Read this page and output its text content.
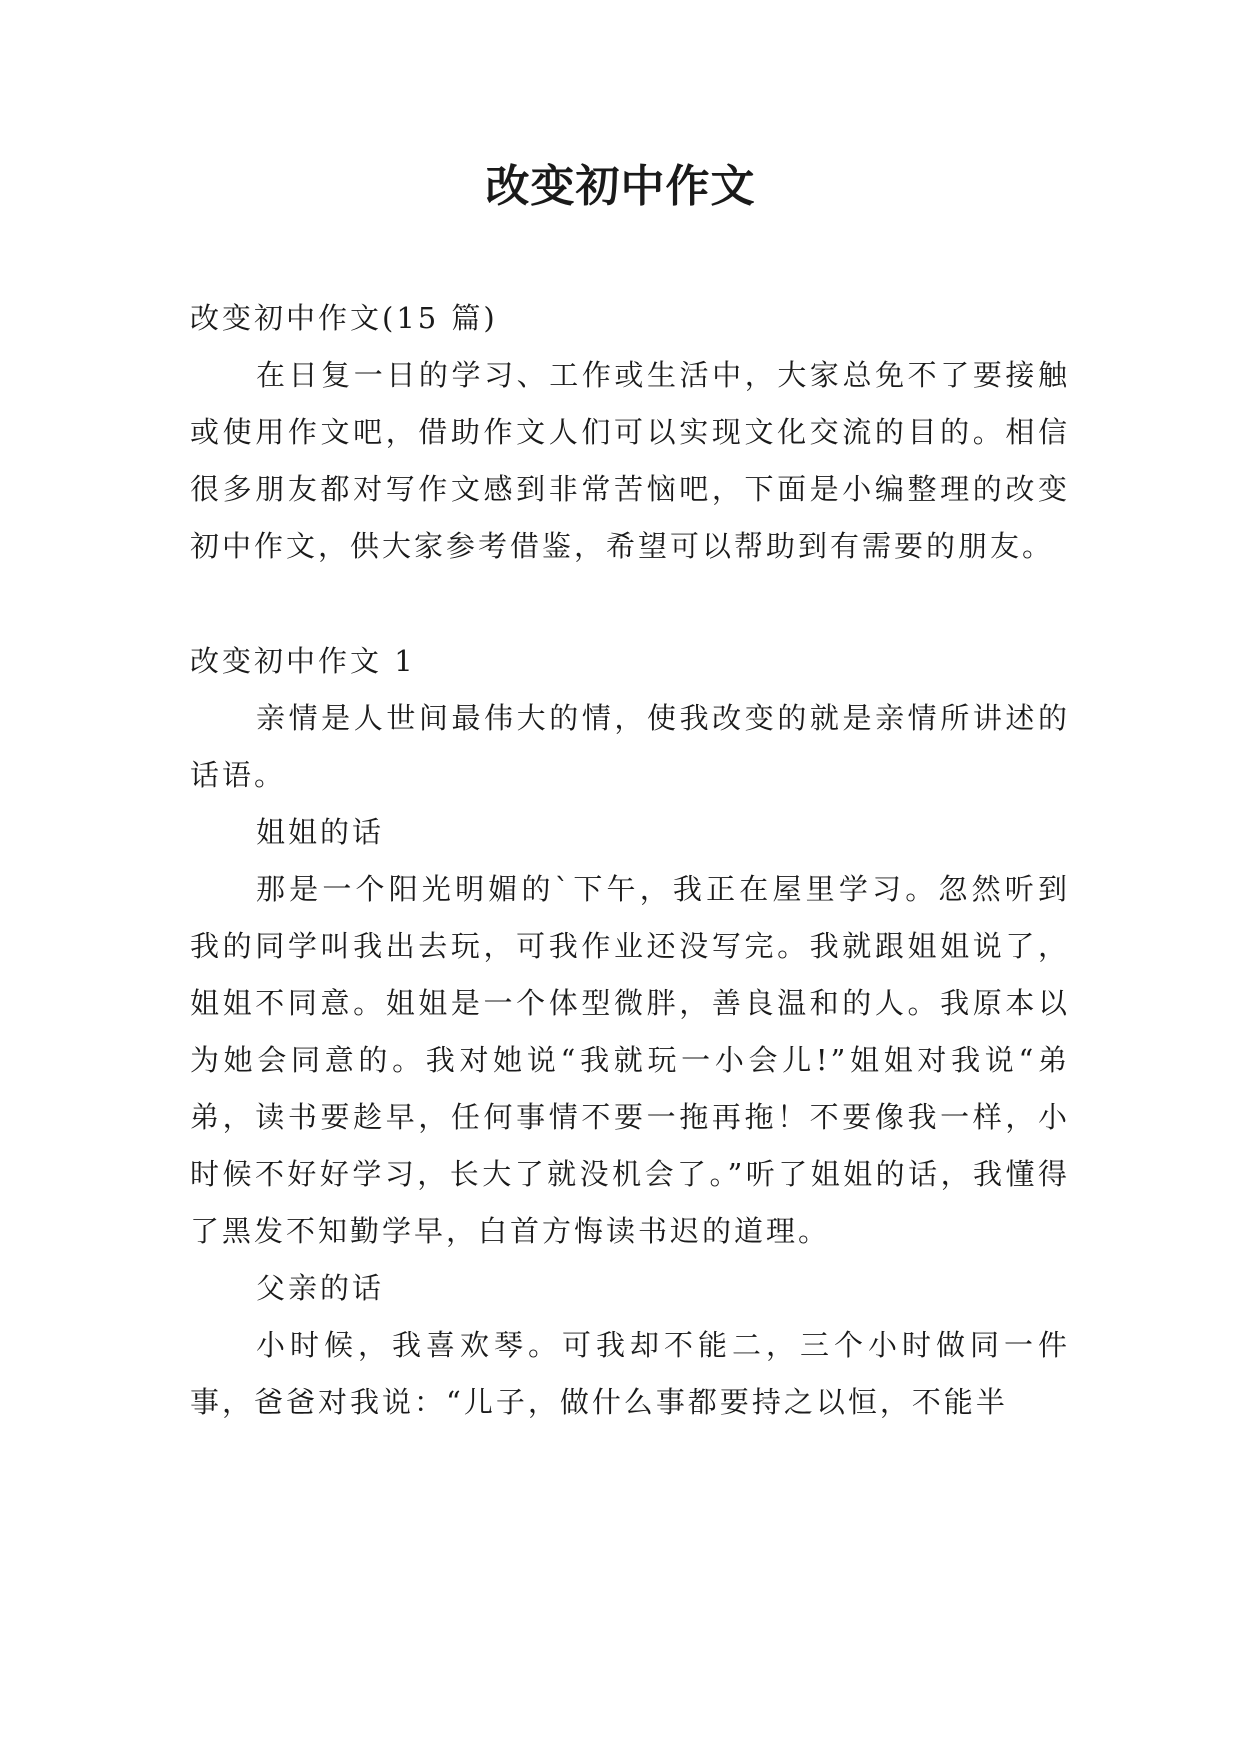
改变初中作文

改变初中作文(15 篇)

在日复一日的学习、工作或生活中，大家总免不了要接触或使用作文吧，借助作文人们可以实现文化交流的目的。相信很多朋友都对写作文感到非常苦恼吧，下面是小编整理的改变初中作文，供大家参考借鉴，希望可以帮助到有需要的朋友。

改变初中作文 1

亲情是人世间最伟大的情，使我改变的就是亲情所讲述的话语。

姐姐的话

那是一个阳光明媚的`下午，我正在屋里学习。忽然听到我的同学叫我出去玩，可我作业还没写完。我就跟姐姐说了，姐姐不同意。姐姐是一个体型微胖，善良温和的人。我原本以为她会同意的。我对她说“我就玩一小会儿!”姐姐对我说“弟弟，读书要趁早，任何事情不要一拖再拖！不要像我一样，小时候不好好学习，长大了就没机会了。”听了姐姐的话，我懂得了黑发不知勤学早，白首方悔读书迟的道理。

父亲的话

小时候，我喜欢琴。可我却不能二，三个小时做同一件事，爸爸对我说：“儿子，做什么事都要持之以恒，不能半
